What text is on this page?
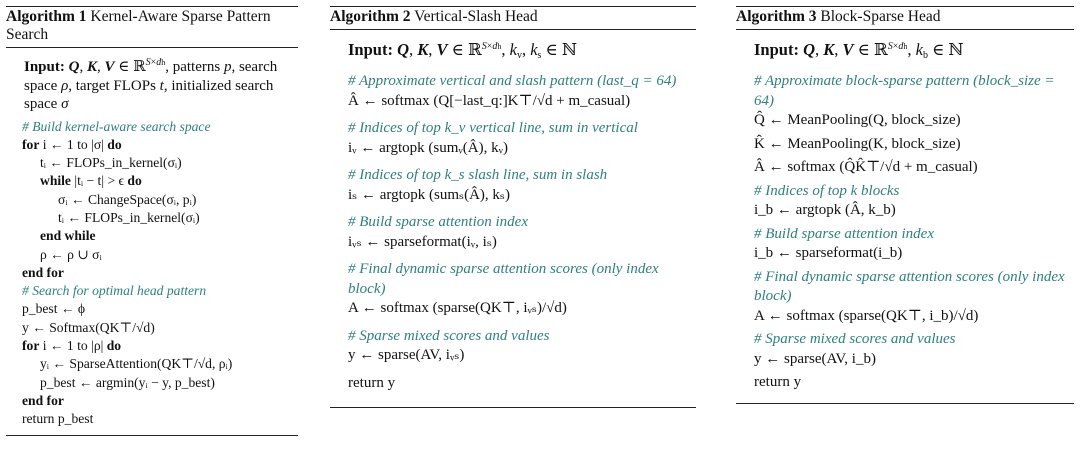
Algorithm 1 Kernel-Aware Sparse Pattern Search
Input: Q, K, V ∈ ℝ$^{S\times dh}$, patterns p, search space ρ, target FLOPs t, initialized search space σ
# Build kernel-aware search space
for i ← 1 to |σ| do
tᵢ ← FLOPs_in_kernel(σᵢ)
while |tᵢ − t| > ϵ do
σᵢ ← ChangeSpace(σᵢ, pᵢ)
tᵢ ← FLOPs_in_kernel(σᵢ)
end while
ρ ← ρ ∪ σᵢ
end for
# Search for optimal head pattern
p_best ← ϕ
y ← Softmax(QK⊤/√d)
for i ← 1 to |ρ| do
yᵢ ← SparseAttention(QK⊤/√d, ρᵢ)
p_best ← argmin(yᵢ − y, p_best)
end for
return p_best
Algorithm 2 Vertical-Slash Head
Input: Q, K, V ∈ ℝ$^{S\times dh}$, $k_v$, $k_s$ ∈ ℕ
# Approximate vertical and slash pattern (last_q = 64)
Â ← softmax (Q[−last_q:]K⊤/√d + m_casual)
# Indices of top k_v vertical line, sum in vertical
iᵥ ← argtopk (sumᵥ(Â), kᵥ)
# Indices of top k_s slash line, sum in slash
iₛ ← argtopk (sumₛ(Â), kₛ)
# Build sparse attention index
iᵥₛ ← sparseformat(iᵥ, iₛ)
# Final dynamic sparse attention scores (only index block)
A ← softmax (sparse(QK⊤, iᵥₛ)/√d)
# Sparse mixed scores and values
y ← sparse(AV, iᵥₛ)
return y
Algorithm 3 Block-Sparse Head
Input: Q, K, V ∈ ℝ$^{S\times dh}$, $k_b$ ∈ ℕ
# Approximate block-sparse pattern (block_size = 64)
Q̂ ← MeanPooling(Q, block_size)
K̂ ← MeanPooling(K, block_size)
Â ← softmax (Q̂K̂⊤/√d + m_casual)
# Indices of top k blocks
i_b ← argtopk (Â, k_b)
# Build sparse attention index
i_b ← sparseformat(i_b)
# Final dynamic sparse attention scores (only index block)
A ← softmax (sparse(QK⊤, i_b)/√d)
# Sparse mixed scores and values
y ← sparse(AV, i_b)
return y
